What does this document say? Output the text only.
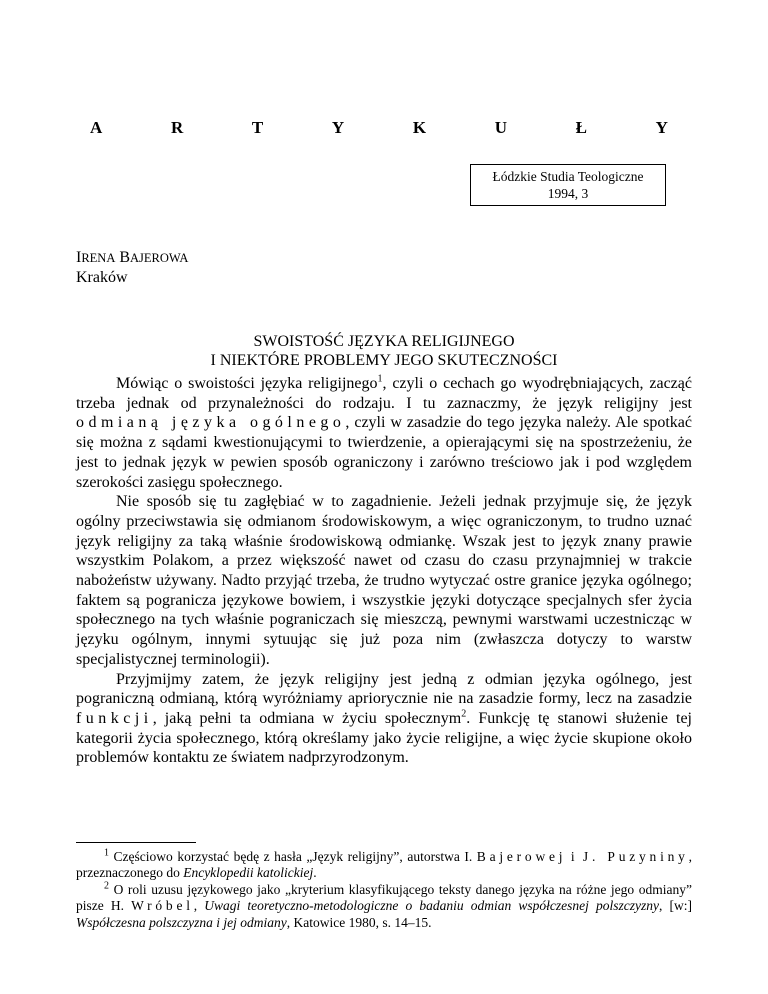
A	R	T	Y	K	U	Ł	Y
Łódzkie Studia Teologiczne
1994, 3
IRENA BAJEROWA
Kraków
SWOISTOŚĆ JĘZYKA RELIGIJNEGO
I NIEKTÓRE PROBLEMY JEGO SKUTECZNOŚCI

Mówiąc o swoistości języka religijnego$^1$, czyli o cechach go wyodrębniających, zacząć trzeba jednak od przynależności do rodzaju. I tu zaznaczmy, że język religijny jest odmianą języka ogólnego, czyli w zasadzie do tego języka należy. Ale spotkać się można z sądami kwestionującymi to twierdzenie, a opierającymi się na spostrzeżeniu, że jest to jednak język w pewien sposób ograniczony i zarówno treściowo jak i pod względem szerokości zasięgu społecznego.

Nie sposób się tu zagłębiać w to zagadnienie. Jeżeli jednak przyjmuje się, że język ogólny przeciwstawia się odmianom środowiskowym, a więc ograniczonym, to trudno uznać język religijny za taką właśnie środowiskową odmiankę. Wszak jest to język znany prawie wszystkim Polakom, a przez większość nawet od czasu do czasu przynajmniej w trakcie nabożeństw używany. Nadto przyjąć trzeba, że trudno wytyczać ostre granice języka ogólnego; faktem są pogranicza językowe bowiem, i wszystkie języki dotyczące specjalnych sfer życia społecznego na tych właśnie pograniczach się mieszczą, pewnymi warstwami uczestnicząc w języku ogólnym, innymi sytuując się już poza nim (zwłaszcza dotyczy to warstw specjalistycznej terminologii).

Przyjmijmy zatem, że język religijny jest jedną z odmian języka ogólnego, jest pograniczną odmianą, którą wyróżniamy apriorycznie nie na zasadzie formy, lecz na zasadzie funkcji, jaką pełni ta odmiana w życiu społecznym$^2$. Funkcję tę stanowi służenie tej kategorii życia społecznego, którą określamy jako życie religijne, a więc życie skupione około problemów kontaktu ze światem nadprzyrodzonym.

$^1$ Częściowo korzystać będę z hasła „Język religijny”, autorstwa I. Bajerowej i J. Puzyniny, przeznaczonego do Encyklopedii katolickiej.

$^2$ O roli uzusu językowego jako „kryterium klasyfikującego teksty danego języka na różne jego odmiany” pisze H. Wróbel, Uwagi teoretyczno-metodologiczne o badaniu odmian współczesnej polszczyzny, [w:] Współczesna polszczyzna i jej odmiany, Katowice 1980, s. 14–15.
